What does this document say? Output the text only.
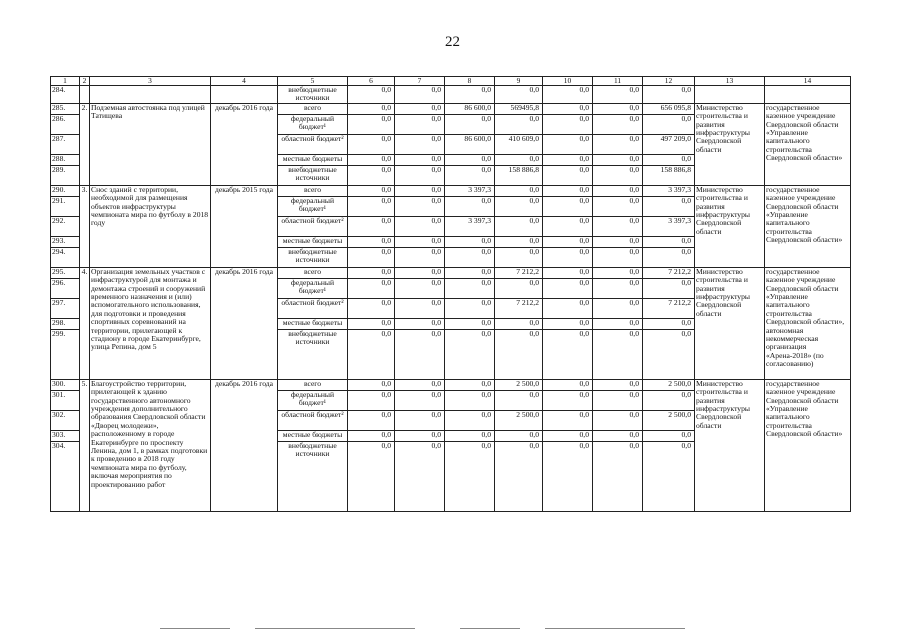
22
1	2	3	4	5	6	7	8	9	10	11	12	13	14
284.				внебюджетные источники	0,0	0,0	0,0	0,0	0,0	0,0	0,0		
285.	2.	Подземная автостоянка под улицей Татищева	декабрь 2016 года	всего	0,0	0,0	86 600,0	569495,8	0,0	0,0	656 095,8	Министерство строительства и развития инфраструктуры Свердловской области	государственное казенное учреждение Свердловской области «Управление капитального строительства Свердловской области»
286.				федеральный бюджет¹	0,0	0,0	0,0	0,0	0,0	0,0	0,0		
287.				областной бюджет²	0,0	0,0	86 600,0	410 609,0	0,0	0,0	497 209,0		
288.				местные бюджеты	0,0	0,0	0,0	0,0	0,0	0,0	0,0		
289.				внебюджетные источники	0,0	0,0	0,0	158 886,8	0,0	0,0	158 886,8		
290.	3.	Снос зданий с территории, необходимой для размещения объектов инфраструктуры чемпионата мира по футболу в 2018 году	декабрь 2015 года	всего	0,0	0,0	3 397,3	0,0	0,0	0,0	3 397,3	Министерство строительства и развития инфраструктуры Свердловской области	государственное казенное учреждение Свердловской области «Управление капитального строительства Свердловской области»
291.				федеральный бюджет¹	0,0	0,0	0,0	0,0	0,0	0,0	0,0		
292.				областной бюджет²	0,0	0,0	3 397,3	0,0	0,0	0,0	3 397,3		
293.				местные бюджеты	0,0	0,0	0,0	0,0	0,0	0,0	0,0		
294.				внебюджетные источники	0,0	0,0	0,0	0,0	0,0	0,0	0,0		
295.	4.	Организация земельных участков с инфраструктурой для монтажа и демонтажа строений и сооружений временного назначения и (или) вспомогательного использования, для подготовки и проведения спортивных соревнований на территории, прилегающей к стадиону в городе Екатеринбурге, улица Репина, дом 5	декабрь 2016 года	всего	0,0	0,0	0,0	7 212,2	0,0	0,0	7 212,2	Министерство строительства и развития инфраструктуры Свердловской области	государственное казенное учреждение Свердловской области «Управление капитального строительства Свердловской области», автономная некоммерческая организация «Арена-2018» (по согласованию)
296.				федеральный бюджет¹	0,0	0,0	0,0	0,0	0,0	0,0	0,0		
297.				областной бюджет²	0,0	0,0	0,0	7 212,2	0,0	0,0	7 212,2		
298.				местные бюджеты	0,0	0,0	0,0	0,0	0,0	0,0	0,0		
299.				внебюджетные источники	0,0	0,0	0,0	0,0	0,0	0,0	0,0		
300.	5.	Благоустройство территории, прилегающей к зданию государственного автономного учреждения дополнительного образования Свердловской области «Дворец молодежи», расположенному в городе Екатеринбурге по проспекту Ленина, дом 1, в рамках подготовки к проведению в 2018 году чемпионата мира по футболу, включая мероприятия по проектированию работ	декабрь 2016 года	всего	0,0	0,0	0,0	2 500,0	0,0	0,0	2 500,0	Министерство строительства и развития инфраструктуры Свердловской области	государственное казенное учреждение Свердловской области «Управление капитального строительства Свердловской области»
301.				федеральный бюджет¹	0,0	0,0	0,0	0,0	0,0	0,0	0,0		
302.				областной бюджет²	0,0	0,0	0,0	2 500,0	0,0	0,0	2 500,0		
303.				местные бюджеты	0,0	0,0	0,0	0,0	0,0	0,0	0,0		
304.				внебюджетные источники	0,0	0,0	0,0	0,0	0,0	0,0	0,0		
